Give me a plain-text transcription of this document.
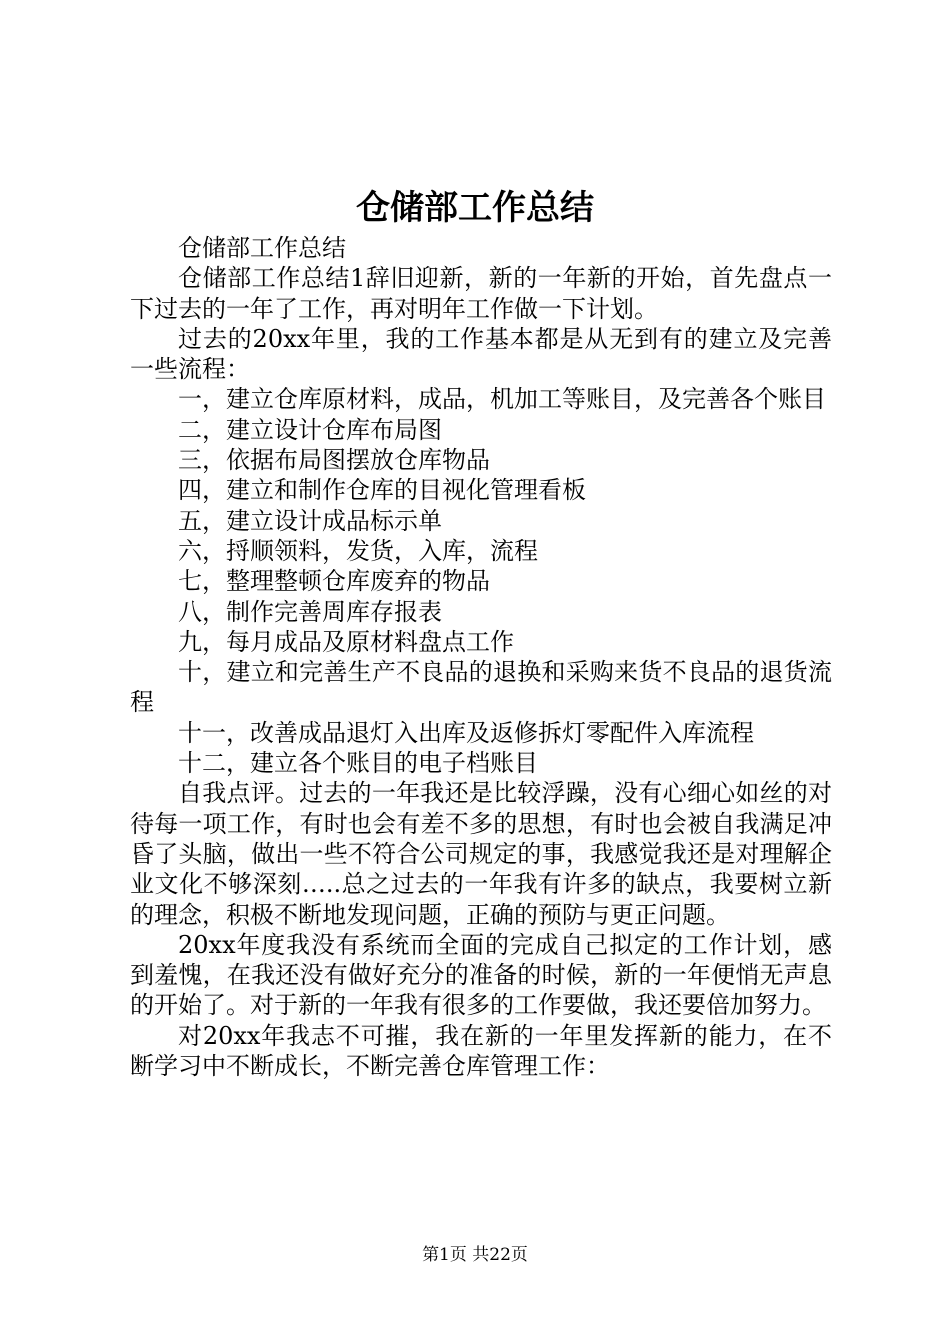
仓储部工作总结

仓储部工作总结

仓储部工作总结1辞旧迎新，新的一年新的开始，首先盘点一下过去的一年了工作，再对明年工作做一下计划。

过去的20xx年里，我的工作基本都是从无到有的建立及完善一些流程：

一，建立仓库原材料，成品，机加工等账目，及完善各个账目

二，建立设计仓库布局图

三，依据布局图摆放仓库物品

四，建立和制作仓库的目视化管理看板

五，建立设计成品标示单

六，捋顺领料，发货，入库，流程

七，整理整顿仓库废弃的物品

八，制作完善周库存报表

九，每月成品及原材料盘点工作

十，建立和完善生产不良品的退换和采购来货不良品的退货流程

十一，改善成品退灯入出库及返修拆灯零配件入库流程

十二，建立各个账目的电子档账目

自我点评。过去的一年我还是比较浮躁，没有心细心如丝的对待每一项工作，有时也会有差不多的思想，有时也会被自我满足冲昏了头脑，做出一些不符合公司规定的事，我感觉我还是对理解企业文化不够深刻…..总之过去的一年我有许多的缺点，我要树立新的理念，积极不断地发现问题，正确的预防与更正问题。

20xx年度我没有系统而全面的完成自己拟定的工作计划，感到羞愧，在我还没有做好充分的准备的时候，新的一年便悄无声息的开始了。对于新的一年我有很多的工作要做，我还要倍加努力。

对20xx年我志不可摧，我在新的一年里发挥新的能力，在不断学习中不断成长，不断完善仓库管理工作：

第1页 共22页
